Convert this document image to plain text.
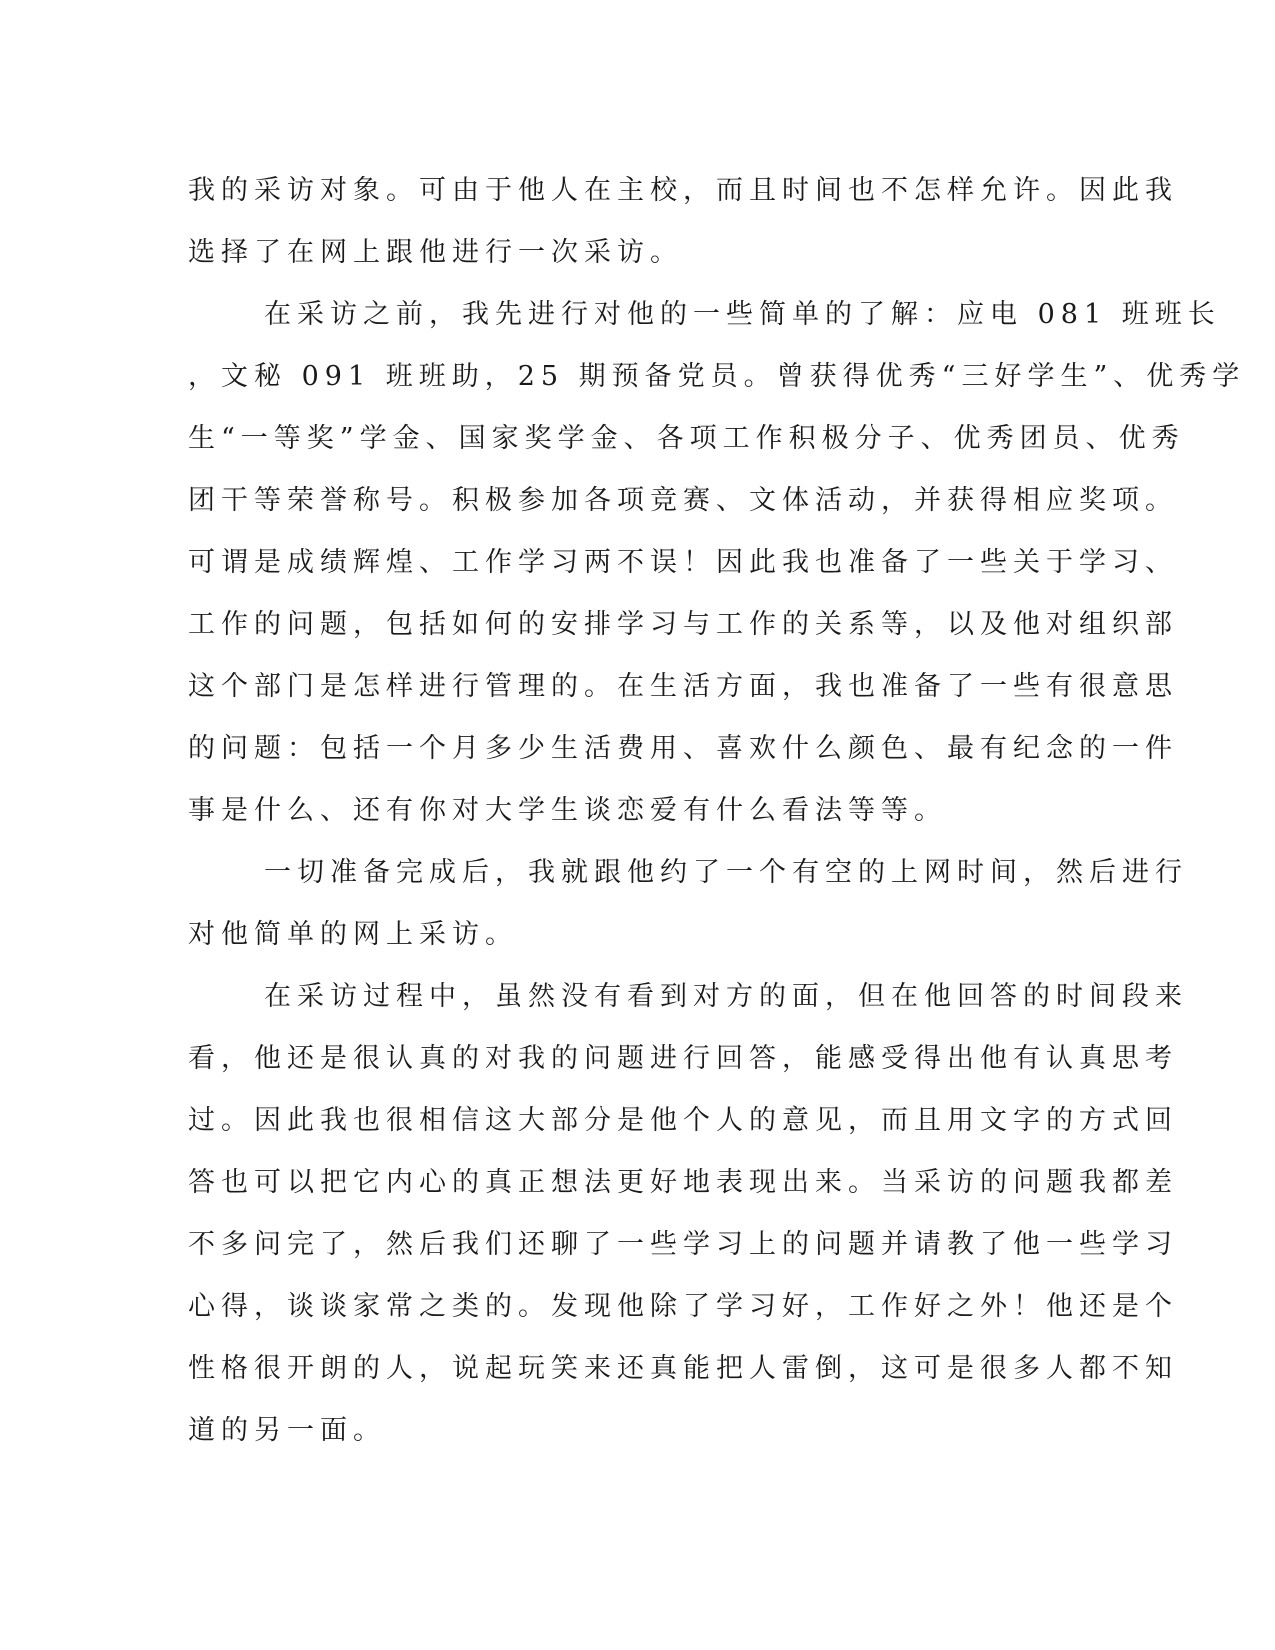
我的采访对象。可由于他人在主校，而且时间也不怎样允许。因此我
选择了在网上跟他进行一次采访。
在采访之前，我先进行对他的一些简单的了解：应电 081 班班长
，文秘 091 班班助，25 期预备党员。曾获得优秀“三好学生”、优秀学
生“一等奖”学金、国家奖学金、各项工作积极分子、优秀团员、优秀
团干等荣誉称号。积极参加各项竞赛、文体活动，并获得相应奖项。
可谓是成绩辉煌、工作学习两不误！因此我也准备了一些关于学习、
工作的问题，包括如何的安排学习与工作的关系等，以及他对组织部
这个部门是怎样进行管理的。在生活方面，我也准备了一些有很意思
的问题：包括一个月多少生活费用、喜欢什么颜色、最有纪念的一件
事是什么、还有你对大学生谈恋爱有什么看法等等。
一切准备完成后，我就跟他约了一个有空的上网时间，然后进行
对他简单的网上采访。
在采访过程中，虽然没有看到对方的面，但在他回答的时间段来
看，他还是很认真的对我的问题进行回答，能感受得出他有认真思考
过。因此我也很相信这大部分是他个人的意见，而且用文字的方式回
答也可以把它内心的真正想法更好地表现出来。当采访的问题我都差
不多问完了，然后我们还聊了一些学习上的问题并请教了他一些学习
心得，谈谈家常之类的。发现他除了学习好，工作好之外！他还是个
性格很开朗的人，说起玩笑来还真能把人雷倒，这可是很多人都不知
道的另一面。
